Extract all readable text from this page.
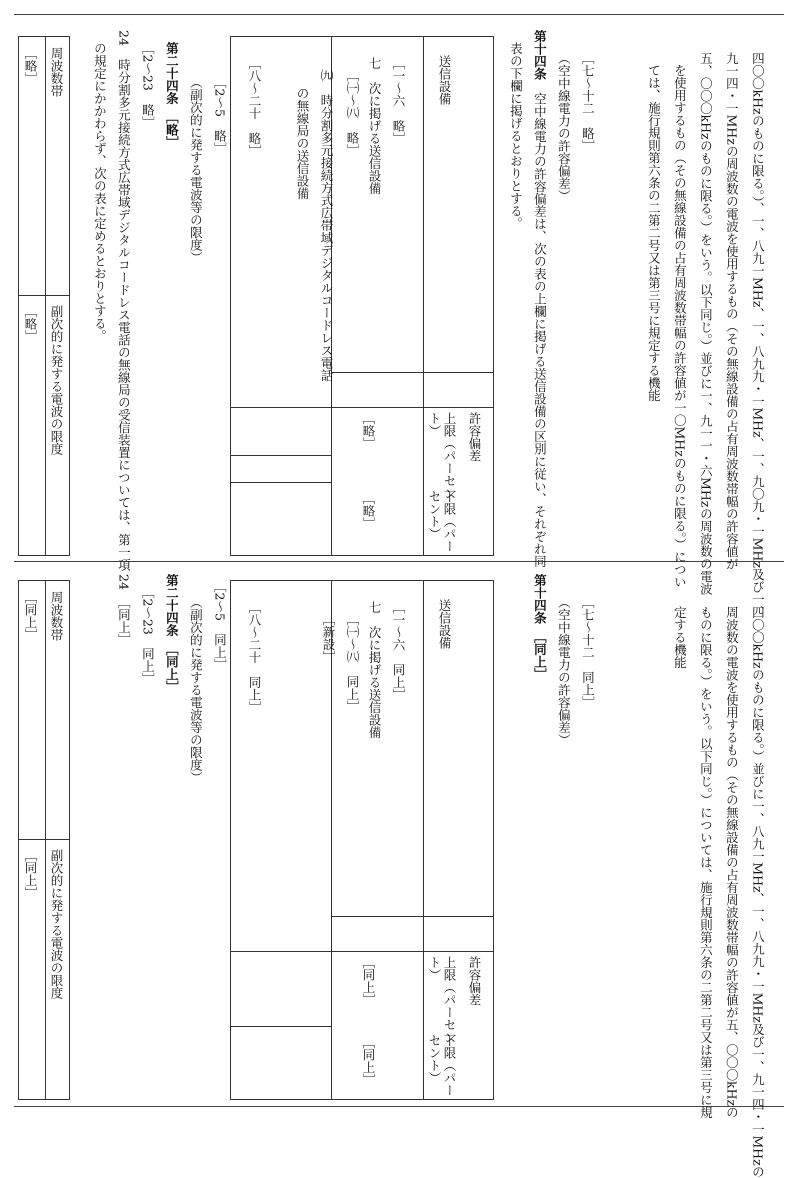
四〇〇kHzのものに限る。）、一、八九一MHz、一、八九九・一MHz、一、九〇九・一MHz及び一、
九一四・一MHzの周波数の電波を使用するもの（その無線設備の占有周波数帯幅の許容値が
五、〇〇〇kHzのものに限る。）をいう。以下同じ。）並びに一、九一一・六MHzの周波数の電波
を使用するもの（その無線設備の占有周波数帯幅の許容値が一〇MHzのものに限る。）につい
ては、施行規則第六条の二第二号又は第三号に規定する機能
［七～十二　略］
（空中線電力の許容偏差）
第十四条　空中線電力の許容偏差は、次の表の上欄に掲げる送信設備の区別に従い、それぞれ同
表の下欄に掲げるとおりとする。
送信設備
［一～六　略］
七　次に掲げる送信設備
［㈠～㈧　略］
㈨　時分割多元接続方式広帯域デジタルコードレス電話
の無線局の送信設備
［八～二十　略］
許容偏差
上限（パーセント）
下限（パーセント）
［略］
［略］
［2～5　略］
（副次的に発する電波等の限度）
第二十四条　［略］
［2～23　略］
24　時分割多元接続方式広帯域デジタルコードレス電話の無線局の受信装置については、第一項
の規定にかかわらず、次の表に定めるとおりとする。
周波数帯
副次的に発する電波の限度
［略］
［略］
四〇〇kHzのものに限る。）並びに一、八九一MHz、一、八九九・一MHz及び一、九一四・一MHzの
周波数の電波を使用するもの（その無線設備の占有周波数帯幅の許容値が五、〇〇〇kHzの
ものに限る。）をいう。以下同じ。）については、施行規則第六条の二第二号又は第三号に規
定する機能
［七～十二　同上］
（空中線電力の許容偏差）
第十四条　［同上］
送信設備
［一～六　同上］
七　次に掲げる送信設備
［㈠～㈧　同上］
［新設］
［八～二十　同上］
許容偏差
上限（パーセント）
下限（パーセント）
［同上］
［同上］
［2～5　同上］
（副次的に発する電波等の限度）
第二十四条　［同上］
［2～23　同上］
24　［同上］
周波数帯
副次的に発する電波の限度
［同上］
［同上］
